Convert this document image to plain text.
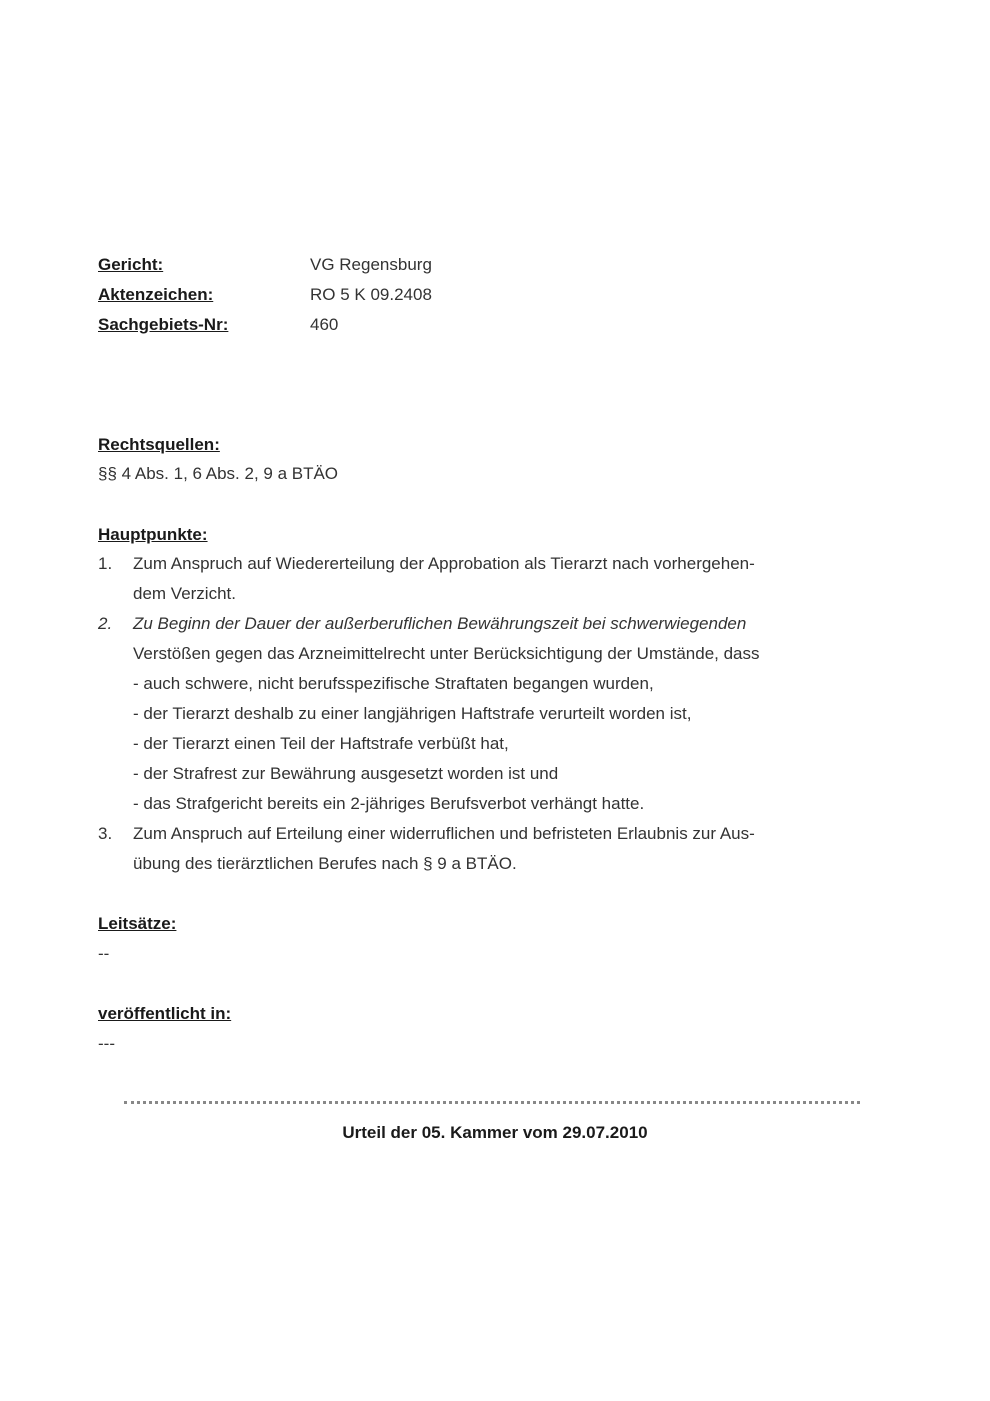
Gericht:	VG Regensburg
Aktenzeichen:	RO 5 K 09.2408
Sachgebiets-Nr:	460
Rechtsquellen:
§§ 4 Abs. 1, 6 Abs. 2, 9 a BTÄO
Hauptpunkte:
1. Zum Anspruch auf Wiedererteilung der Approbation als Tierarzt nach vorhergehen-
dem Verzicht.
2. Zu Beginn der Dauer der außerberuflichen Bewährungszeit bei schwerwiegenden
Verstößen gegen das Arzneimittelrecht unter Berücksichtigung der Umstände, dass
- auch schwere, nicht berufsspezifische Straftaten begangen wurden,
- der Tierarzt deshalb zu einer langjährigen Haftstrafe verurteilt worden ist,
- der Tierarzt einen Teil der Haftstrafe verbüßt hat,
- der Strafrest zur Bewährung ausgesetzt worden ist und
- das Strafgericht bereits ein 2-jähriges Berufsverbot verhängt hatte.
3. Zum Anspruch auf Erteilung einer widerruflichen und befristeten Erlaubnis zur Aus-
übung des tierärztlichen Berufes nach § 9 a BTÄO.
Leitsätze:
--
veröffentlicht in:
---
Urteil der 05. Kammer vom 29.07.2010
